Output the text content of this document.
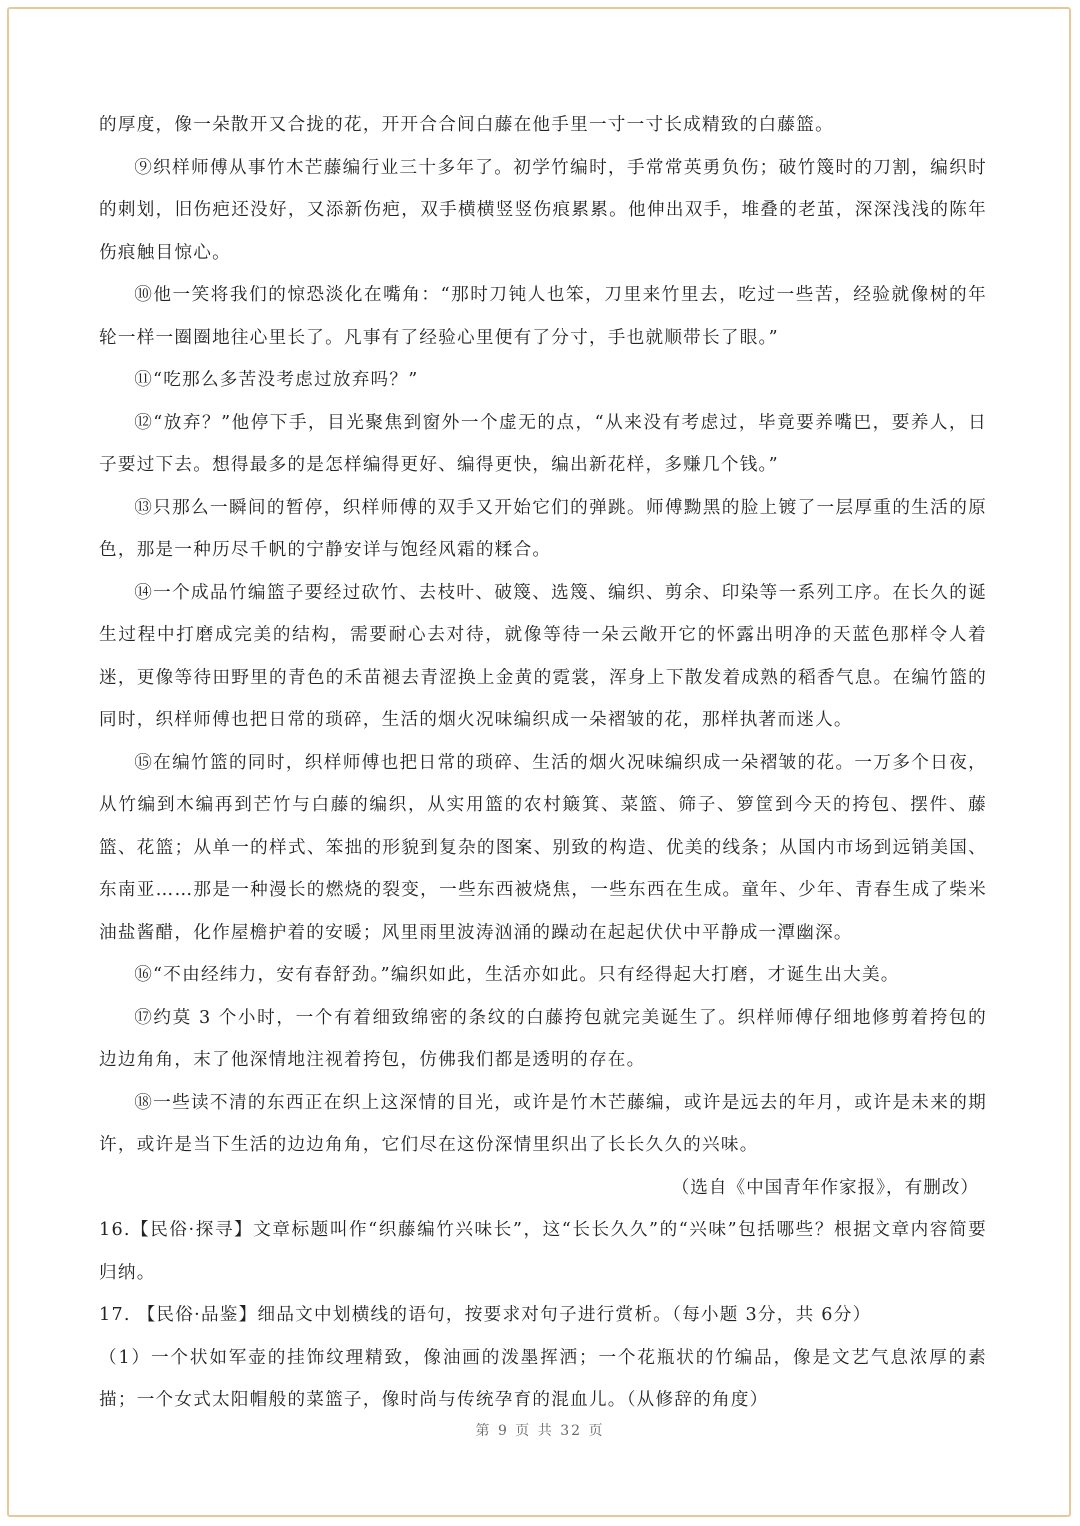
的厚度，像一朵散开又合拢的花，开开合合间白藤在他手里一寸一寸长成精致的白藤篮。

⑨织样师傅从事竹木芒藤编行业三十多年了。初学竹编时，手常常英勇负伤；破竹篾时的刀割，编织时的刺划，旧伤疤还没好，又添新伤疤，双手横横竖竖伤痕累累。他伸出双手，堆叠的老茧，深深浅浅的陈年伤痕触目惊心。

⑩他一笑将我们的惊恐淡化在嘴角：“那时刀钝人也笨，刀里来竹里去，吃过一些苦，经验就像树的年轮一样一圈圈地往心里长了。凡事有了经验心里便有了分寸，手也就顺带长了眼。”

⑪“吃那么多苦没考虑过放弃吗？”

⑫“放弃？”他停下手，目光聚焦到窗外一个虚无的点，“从来没有考虑过，毕竟要养嘴巴，要养人，日子要过下去。想得最多的是怎样编得更好、编得更快，编出新花样，多赚几个钱。”

⑬只那么一瞬间的暂停，织样师傅的双手又开始它们的弹跳。师傅黝黑的脸上镀了一层厚重的生活的原色，那是一种历尽千帆的宁静安详与饱经风霜的糅合。

⑭一个成品竹编篮子要经过砍竹、去枝叶、破篾、选篾、编织、剪余、印染等一系列工序。在长久的诞生过程中打磨成完美的结构，需要耐心去对待，就像等待一朵云敞开它的怀露出明净的天蓝色那样令人着迷，更像等待田野里的青色的禾苗褪去青涩换上金黄的霓裳，浑身上下散发着成熟的稻香气息。在编竹篮的同时，织样师傅也把日常的琐碎，生活的烟火况味编织成一朵褶皱的花，那样执著而迷人。

⑮在编竹篮的同时，织样师傅也把日常的琐碎、生活的烟火况味编织成一朵褶皱的花。一万多个日夜，从竹编到木编再到芒竹与白藤的编织，从实用篮的农村簸箕、菜篮、筛子、箩筐到今天的挎包、摆件、藤篮、花篮；从单一的样式、笨拙的形貌到复杂的图案、别致的构造、优美的线条；从国内市场到远销美国、东南亚……那是一种漫长的燃烧的裂变，一些东西被烧焦，一些东西在生成。童年、少年、青春生成了柴米油盐酱醋，化作屋檐护着的安暖；风里雨里波涛汹涌的躁动在起起伏伏中平静成一潭幽深。

⑯“不由经纬力，安有春舒劲。”编织如此，生活亦如此。只有经得起大打磨，才诞生出大美。

⑰约莫 3 个小时，一个有着细致绵密的条纹的白藤挎包就完美诞生了。织样师傅仔细地修剪着挎包的边边角角，末了他深情地注视着挎包，仿佛我们都是透明的存在。

⑱一些读不清的东西正在织上这深情的目光，或许是竹木芒藤编，或许是远去的年月，或许是未来的期许，或许是当下生活的边边角角，它们尽在这份深情里织出了长长久久的兴味。

（选自《中国青年作家报》，有删改）

16.【民俗·探寻】文章标题叫作“织藤编竹兴味长”，这“长长久久”的“兴味”包括哪些？根据文章内容简要归纳。

17. 【民俗·品鉴】细品文中划横线的语句，按要求对句子进行赏析。（每小题 3分，共 6分）

（1）一个状如军壶的挂饰纹理精致，像油画的泼墨挥洒；一个花瓶状的竹编品，像是文艺气息浓厚的素描；一个女式太阳帽般的菜篮子，像时尚与传统孕育的混血儿。（从修辞的角度）

第 9 页 共 32 页
